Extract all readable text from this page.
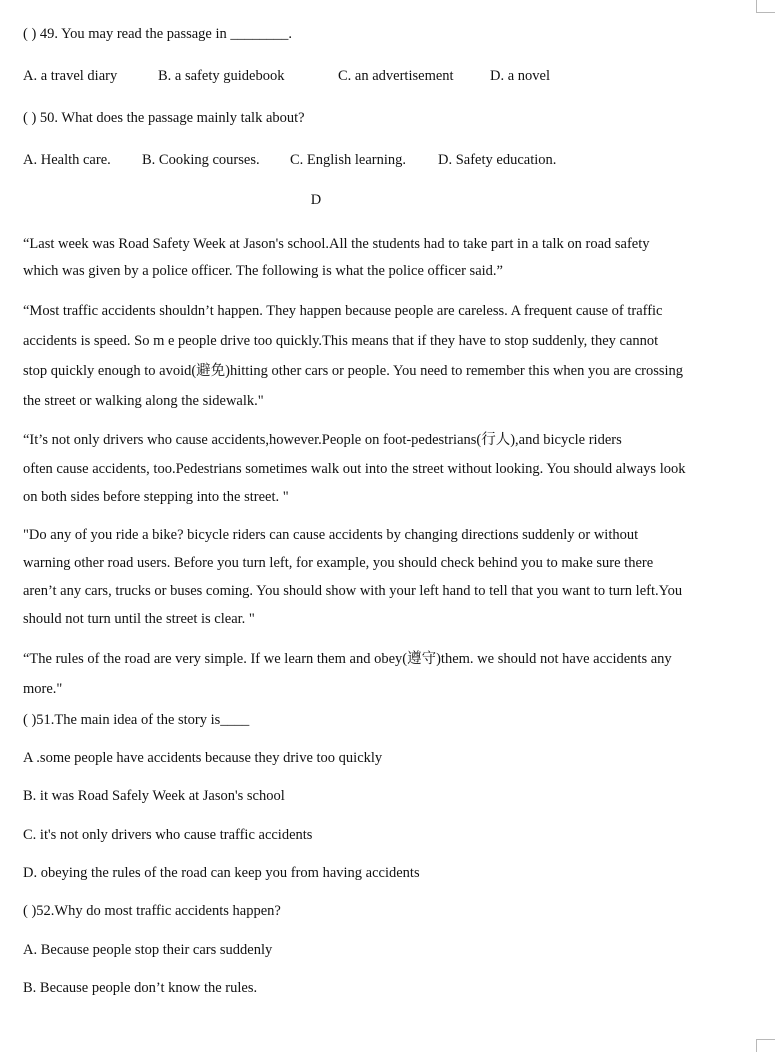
( ) 49. You may read the passage in ________.
A. a travel diary	B. a safety guidebook	C. an advertisement	D. a novel
( ) 50. What does the passage mainly talk about?
A. Health care. B. Cooking courses. C. English learning. D. Safety education.
D

“Last week was Road Safety Week at Jason's school.All the students had to take part in a talk on road safety

which was given by a police officer. The following is what the police officer said.”

“Most traffic accidents shouldn’t happen. They happen because people are careless. A frequent cause of traffic

accidents is speed. So m e people drive too quickly.This means that if they have to stop suddenly, they cannot

stop quickly enough to avoid(避免)hitting other cars or people. You need to remember this when you are crossing

the street or walking along the sidewalk."

“It’s not only drivers who cause accidents,however.People on foot-pedestrians(行人),and bicycle riders

often cause accidents, too.Pedestrians sometimes walk out into the street without looking. You should always look

on both sides before stepping into the street. "

"Do any of you ride a bike? bicycle riders can cause accidents by changing directions suddenly or without

warning other road users. Before you turn left, for example, you should check behind you to make sure there

aren’t any cars, trucks or buses coming. You should show with your left hand to tell that you want to turn left.You

should not turn until the street is clear. "

“The rules of the road are very simple. If we learn them and obey(遵守)them. we should not have accidents any

more."

( )51.The main idea of the story is____
A .some people have accidents because they drive too quickly
B. it was Road Safely Week at Jason's school
C. it's not only drivers who cause traffic accidents
D. obeying the rules of the road can keep you from having accidents
( )52.Why do most traffic accidents happen?
A. Because people stop their cars suddenly
B. Because people don’t know the rules.
